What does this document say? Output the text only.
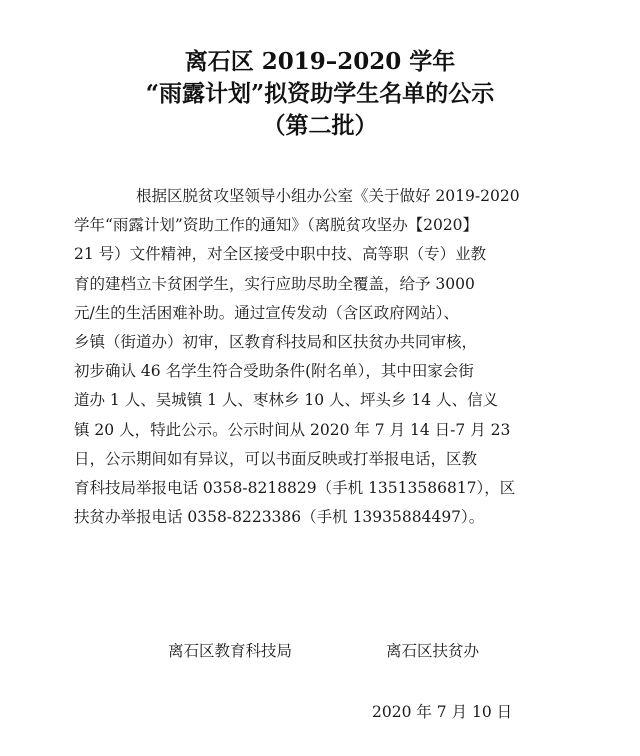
离石区 2019–2020 学年
“雨露计划”拟资助学生名单的公示
（第二批）
根据区脱贫攻坚领导小组办公室《关于做好 2019-2020
学年“雨露计划”资助工作的通知》（离脱贫攻坚办【2020】
21 号）文件精神，对全区接受中职中技、高等职（专）业教
育的建档立卡贫困学生，实行应助尽助全覆盖，给予 3000
元/生的生活困难补助。通过宣传发动（含区政府网站）、
乡镇（街道办）初审，区教育科技局和区扶贫办共同审核，
初步确认 46 名学生符合受助条件(附名单），其中田家会街
道办 1 人、吴城镇 1 人、枣林乡 10 人、坪头乡 14 人、信义
镇 20 人，特此公示。公示时间从 2020 年 7 月 14 日-7 月 23
日，公示期间如有异议，可以书面反映或打举报电话，区教
育科技局举报电话 0358-8218829（手机 13513586817），区
扶贫办举报电话 0358-8223386（手机 13935884497）。
离石区教育科技局	离石区扶贫办
2020 年 7 月 10 日
